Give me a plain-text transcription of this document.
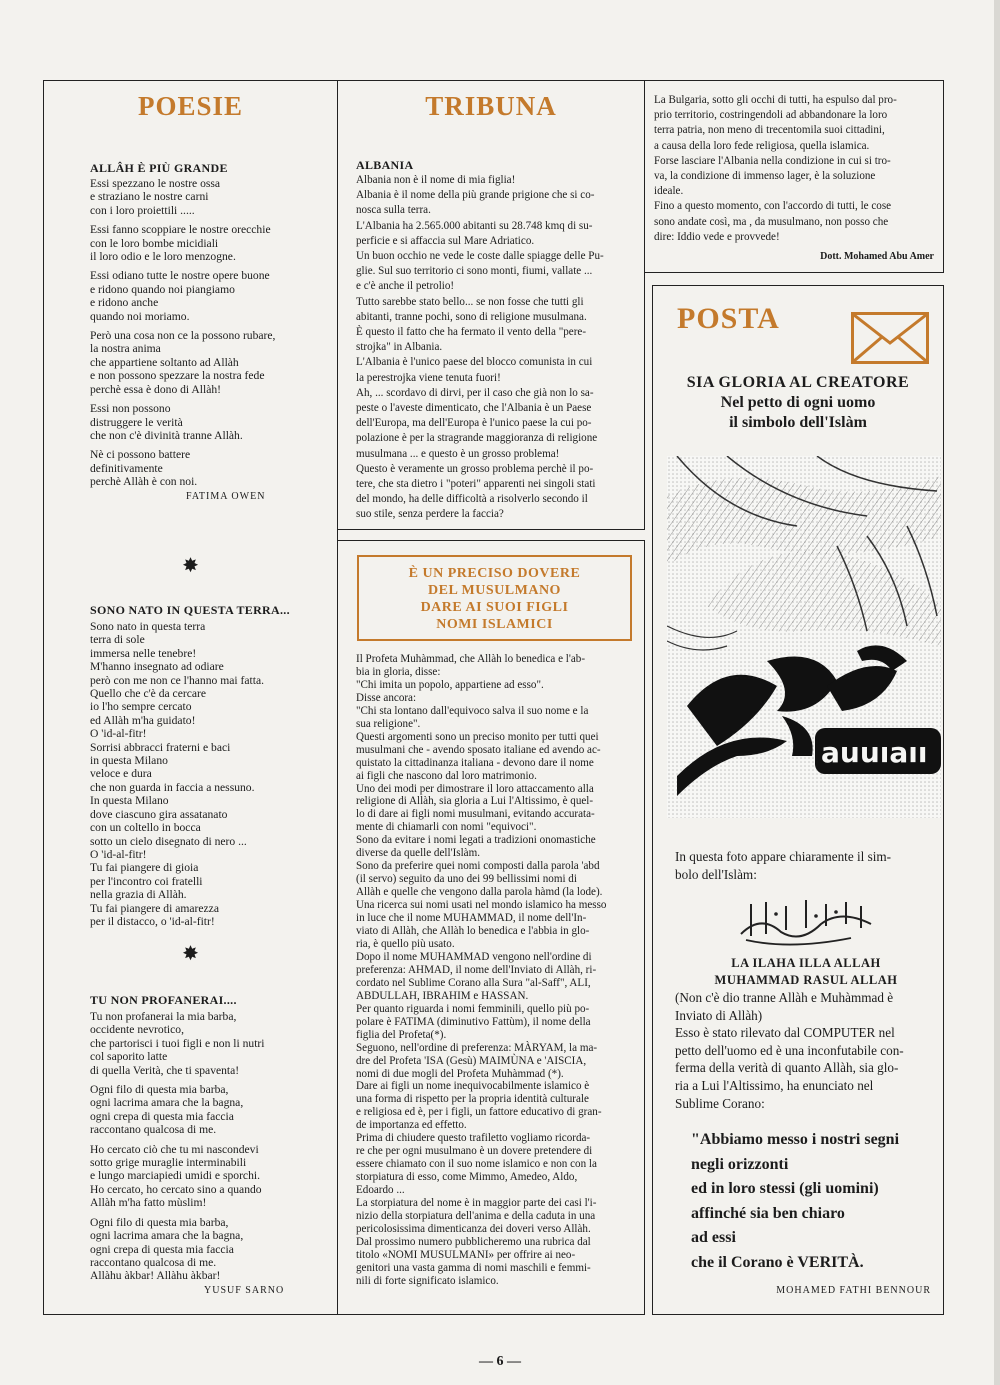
POESIE
ALLÂH È PIÙ GRANDE
Essi spezzano le nostre ossa
e straziano le nostre carni
con i loro proiettili .....
Essi fanno scoppiare le nostre orecchie
con le loro bombe micidiali
il loro odio e le loro menzogne.
Essi odiano tutte le nostre opere buone
e ridono quando noi piangiamo
e ridono anche
quando noi moriamo.
Però una cosa non ce la possono rubare,
la nostra anima
che appartiene soltanto ad Allàh
e non possono spezzare la nostra fede
perchè essa è dono di Allàh!
Essi non possono
distruggere le verità
che non c'è divinità tranne Allàh.
Nè ci possono battere
definitivamente
perchè Allàh è con noi.
FATIMA OWEN
✸
SONO NATO IN QUESTA TERRA...
Sono nato in questa terra
terra di sole
immersa nelle tenebre!
M'hanno insegnato ad odiare
però con me non ce l'hanno mai fatta.
Quello che c'è da cercare
io l'ho sempre cercato
ed Allàh m'ha guidato!
O 'id-al-fitr!
Sorrisi abbracci fraterni e baci
in questa Milano
veloce e dura
che non guarda in faccia a nessuno.
In questa Milano
dove ciascuno gira assatanato
con un coltello in bocca
sotto un cielo disegnato di nero ...
O 'id-al-fitr!
Tu fai piangere di gioia
per l'incontro coi fratelli
nella grazia di Allàh.
Tu fai piangere di amarezza
per il distacco, o 'id-al-fitr!
✸
TU NON PROFANERAI....
Tu non profanerai la mia barba,
occidente nevrotico,
che partorisci i tuoi figli e non li nutri
col saporito latte
di quella Verità, che ti spaventa!
Ogni filo di questa mia barba,
ogni lacrima amara che la bagna,
ogni crepa di questa mia faccia
raccontano qualcosa di me.
Ho cercato ciò che tu mi nascondevi
sotto grige muraglie interminabili
e lungo marciapiedi umidi e sporchi.
Ho cercato, ho cercato sino a quando
Allàh m'ha fatto mùslim!
Ogni filo di questa mia barba,
ogni lacrima amara che la bagna,
ogni crepa di questa mia faccia
raccontano qualcosa di me.
Allàhu àkbar! Allàhu àkbar!
YUSUF SARNO
TRIBUNA
ALBANIA
Albania non è il nome di mia figlia!
Albania è il nome della più grande prigione che si co-
nosca sulla terra.
L'Albania ha 2.565.000 abitanti su 28.748 kmq di su-
perficie e si affaccia sul Mare Adriatico.
Un buon occhio ne vede le coste dalle spiagge delle Pu-
glie. Sul suo territorio ci sono monti, fiumi, vallate ...
e c'è anche il petrolio!
Tutto sarebbe stato bello... se non fosse che tutti gli
abitanti, tranne pochi, sono di religione musulmana.
È questo il fatto che ha fermato il vento della "pere-
strojka" in Albania.
L'Albania è l'unico paese del blocco comunista in cui
la perestrojka viene tenuta fuori!
Ah, ... scordavo di dirvi, per il caso che già non lo sa-
peste o l'aveste dimenticato, che l'Albania è un Paese
dell'Europa, ma dell'Europa è l'unico paese la cui po-
polazione è per la stragrande maggioranza di religione
musulmana ... e questo è un grosso problema!
Questo è veramente un grosso problema perchè il po-
tere, che sta dietro i "poteri" apparenti nei singoli stati
del mondo, ha delle difficoltà a risolverlo secondo il
suo stile, senza perdere la faccia?
La Bulgaria, sotto gli occhi di tutti, ha espulso dal pro-
prio territorio, costringendoli ad abbandonare la loro
terra patria, non meno di trecentomila suoi cittadini,
a causa della loro fede religiosa, quella islamica.
Forse lasciare l'Albania nella condizione in cui si tro-
va, la condizione di immenso lager, è la soluzione
ideale.
Fino a questo momento, con l'accordo di tutti, le cose
sono andate così, ma , da musulmano, non posso che
dire: Iddio vede e provvede!
Dott. Mohamed Abu Amer
È UN PRECISO DOVERE
DEL MUSULMANO
DARE AI SUOI FIGLI
NOMI ISLAMICI
Il Profeta Muhàmmad, che Allàh lo benedica e l'ab-
bia in gloria, disse:
"Chi imita un popolo, appartiene ad esso".
Disse ancora:
"Chi sta lontano dall'equivoco salva il suo nome e la
sua religione".
Questi argomenti sono un preciso monito per tutti quei
musulmani che - avendo sposato italiane ed avendo ac-
quistato la cittadinanza italiana - devono dare il nome
ai figli che nascono dal loro matrimonio.
Uno dei modi per dimostrare il loro attaccamento alla
religione di Allàh, sia gloria a Lui l'Altissimo, è quel-
lo di dare ai figli nomi musulmani, evitando accurata-
mente di chiamarli con nomi "equivoci".
Sono da evitare i nomi legati a tradizioni onomastiche
diverse da quelle dell'Islàm.
Sono da preferire quei nomi composti dalla parola 'abd
(il servo) seguito da uno dei 99 bellissimi nomi di
Allàh e quelle che vengono dalla parola hàmd (la lode).
Una ricerca sui nomi usati nel mondo islamico ha messo
in luce che il nome MUHAMMAD, il nome dell'In-
viato di Allàh, che Allàh lo benedica e l'abbia in glo-
ria, è quello più usato.
Dopo il nome MUHAMMAD vengono nell'ordine di
preferenza: AHMAD, il nome dell'Inviato di Allàh, ri-
cordato nel Sublime Corano alla Sura "al-Saff", ALI,
ABDULLAH, IBRAHIM e HASSAN.
Per quanto riguarda i nomi femminili, quello più po-
polare è FATIMA (diminutivo Fattùm), il nome della
figlia del Profeta(*).
Seguono, nell'ordine di preferenza: MÀRYAM, la ma-
dre del Profeta 'ISA (Gesù) MAIMÙNA e 'AISCIA,
nomi di due mogli del Profeta Muhàmmad (*).
Dare ai figli un nome inequivocabilmente islamico è
una forma di rispetto per la propria identità culturale
e religiosa ed è, per i figli, un fattore educativo di gran-
de importanza ed effetto.
Prima di chiudere questo trafiletto vogliamo ricorda-
re che per ogni musulmano è un dovere pretendere di
essere chiamato con il suo nome islamico e non con la
storpiatura di esso, come Mimmo, Amedeo, Aldo,
Edoardo ...
La storpiatura del nome è in maggior parte dei casi l'i-
nizio della storpiatura dell'anima e della caduta in una
pericolosissima dimenticanza dei doveri verso Allàh.
Dal prossimo numero pubblicheremo una rubrica dal
titolo «NOMI MUSULMANI» per offrire ai neo-
genitori una vasta gamma di nomi maschili e femmi-
nili di forte significato islamico.
POSTA
SIA GLORIA AL CREATORE
Nel petto di ogni uomo
il simbolo dell'Islàm
auuıaıı
In questa foto appare chiaramente il sim-
bolo dell'Islàm:
LA ILAHA ILLA ALLAH
MUHAMMAD RASUL ALLAH
(Non c'è dio tranne Allàh e Muhàmmad è
Inviato di Allàh)
Esso è stato rilevato dal COMPUTER nel
petto dell'uomo ed è una inconfutabile con-
ferma della verità di quanto Allàh, sia glo-
ria a Lui l'Altissimo, ha enunciato nel
Sublime Corano:
"Abbiamo messo i nostri segni
negli orizzonti
ed in loro stessi (gli uomini)
affinché sia ben chiaro
ad essi
che il Corano è VERITÀ.
MOHAMED FATHI BENNOUR
— 6 —
